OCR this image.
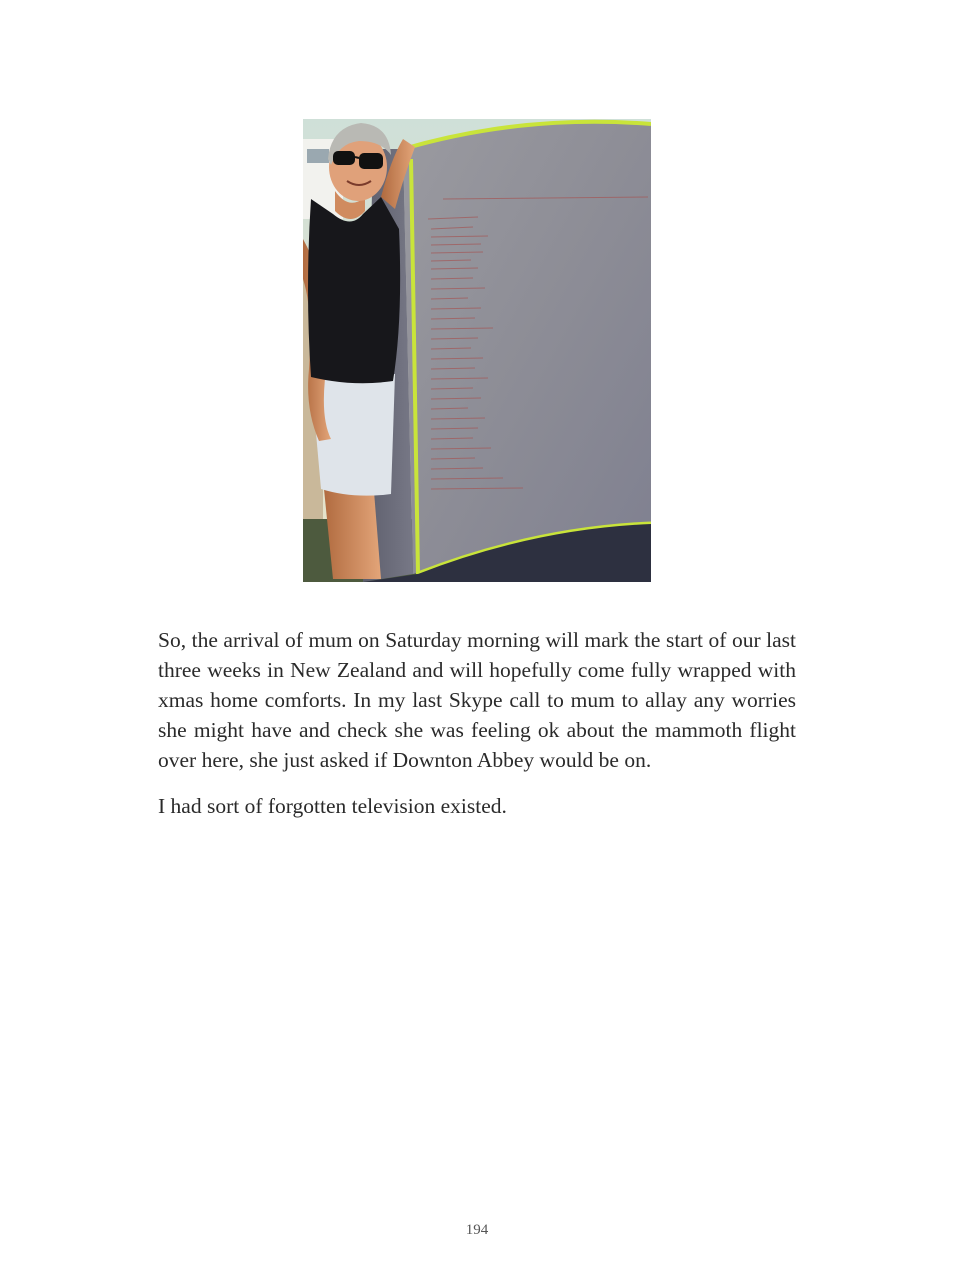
So, the arrival of mum on Saturday morning will mark the start of our last three weeks in New Zealand and will hopefully come fully wrapped with xmas home comforts. In my last Skype call to mum to allay any worries she might have and check she was feeling ok about the mammoth flight over here, she just asked if Downton Abbey would be on.

I had sort of forgotten television existed.

194
